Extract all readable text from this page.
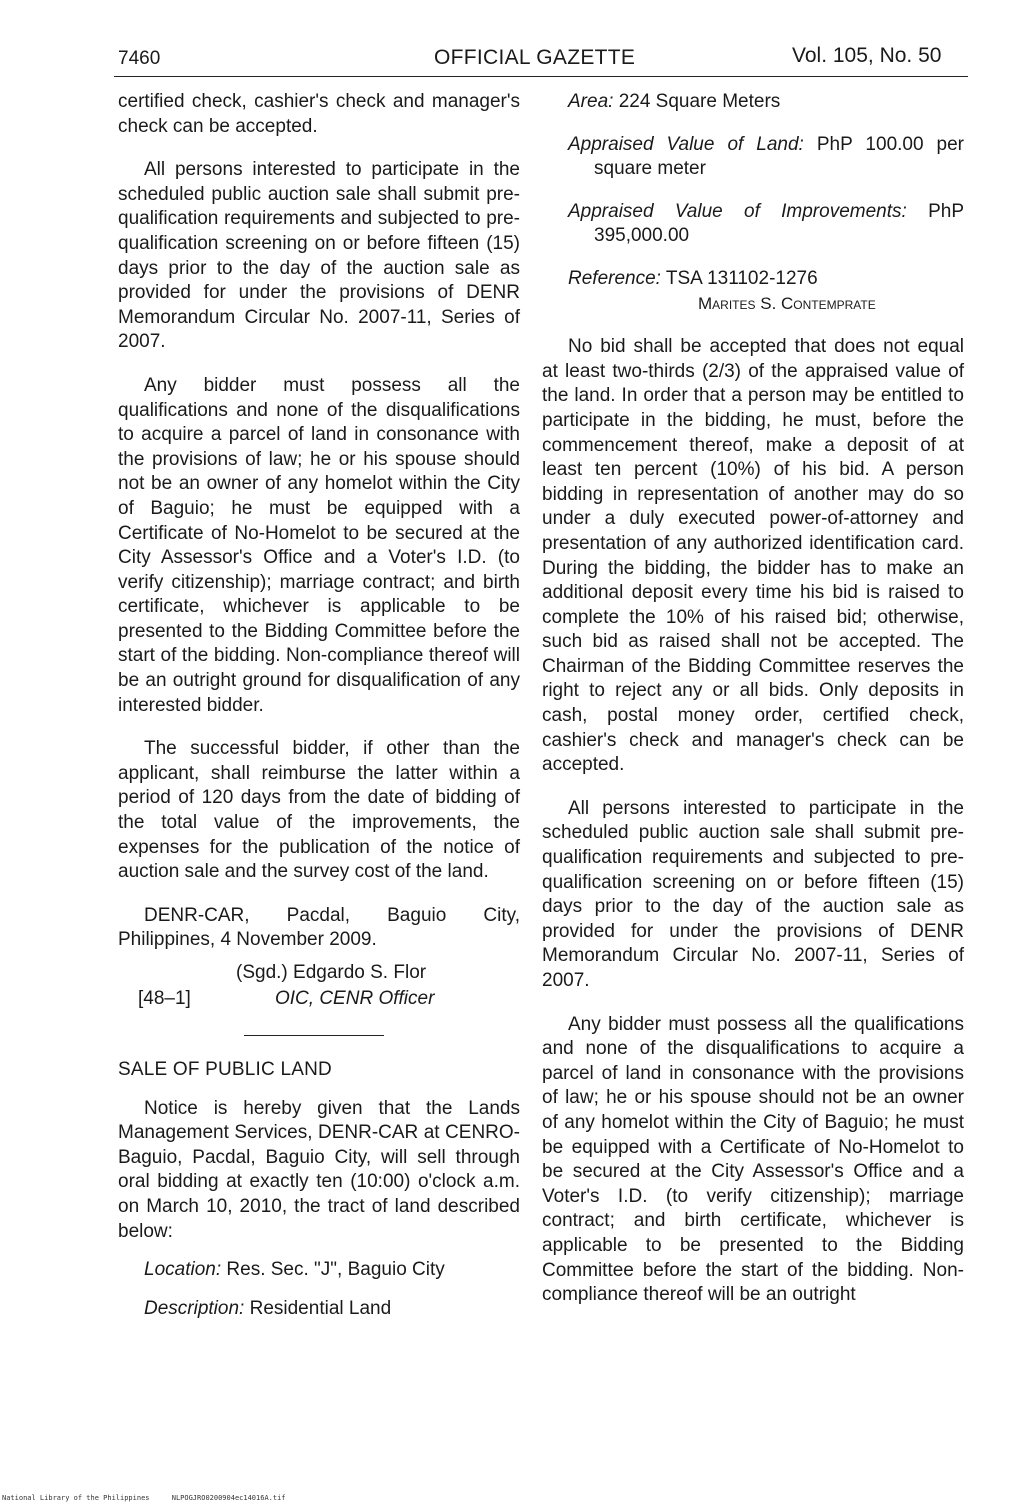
7460	OFFICIAL GAZETTE	Vol. 105, No. 50

certified check, cashier's check and manager's check can be accepted.

All persons interested to participate in the scheduled public auction sale shall submit pre-qualification requirements and subjected to pre-qualification screening on or before fifteen (15) days prior to the day of the auction sale as provided for under the provisions of DENR Memorandum Circular No. 2007-11, Series of 2007.

Any bidder must possess all the qualifications and none of the disqualifications to acquire a parcel of land in consonance with the provisions of law; he or his spouse should not be an owner of any homelot within the City of Baguio; he must be equipped with a Certificate of No-Homelot to be secured at the City Assessor's Office and a Voter's I.D. (to verify citizenship); marriage contract; and birth certificate, whichever is applicable to be presented to the Bidding Committee before the start of the bidding. Non-compliance thereof will be an outright ground for disqualification of any interested bidder.

The successful bidder, if other than the applicant, shall reimburse the latter within a period of 120 days from the date of bidding of the total value of the improvements, the expenses for the publication of the notice of auction sale and the survey cost of the land.

DENR-CAR, Pacdal, Baguio City, Philippines, 4 November 2009.

(Sgd.) Edgardo S. Flor
[48–1]	OIC, CENR Officer

SALE OF PUBLIC LAND

Notice is hereby given that the Lands Management Services, DENR-CAR at CENRO-Baguio, Pacdal, Baguio City, will sell through oral bidding at exactly ten (10:00) o'clock a.m. on March 10, 2010, the tract of land described below:

Location: Res. Sec. "J", Baguio City

Description: Residential Land

Area: 224 Square Meters

Appraised Value of Land: PhP 100.00 per square meter

Appraised Value of Improvements: PhP 395,000.00

Reference: TSA 131102-1276
Marites S. Contemprate

No bid shall be accepted that does not equal at least two-thirds (2/3) of the appraised value of the land. In order that a person may be entitled to participate in the bidding, he must, before the commencement thereof, make a deposit of at least ten percent (10%) of his bid. A person bidding in representation of another may do so under a duly executed power-of-attorney and presentation of any authorized identification card. During the bidding, the bidder has to make an additional deposit every time his bid is raised to complete the 10% of his raised bid; otherwise, such bid as raised shall not be accepted. The Chairman of the Bidding Committee reserves the right to reject any or all bids. Only deposits in cash, postal money order, certified check, cashier's check and manager's check can be accepted.

All persons interested to participate in the scheduled public auction sale shall submit pre-qualification requirements and subjected to pre-qualification screening on or before fifteen (15) days prior to the day of the auction sale as provided for under the provisions of DENR Memorandum Circular No. 2007-11, Series of 2007.

Any bidder must possess all the qualifications and none of the disqualifications to acquire a parcel of land in consonance with the provisions of law; he or his spouse should not be an owner of any homelot within the City of Baguio; he must be equipped with a Certificate of No-Homelot to be secured at the City Assessor's Office and a Voter's I.D. (to verify citizenship); marriage contract; and birth certificate, whichever is applicable to be presented to the Bidding Committee before the start of the bidding. Non-compliance thereof will be an outright

National Library of the Philippines	NLPOGJRO0200904ec14016A.tif
